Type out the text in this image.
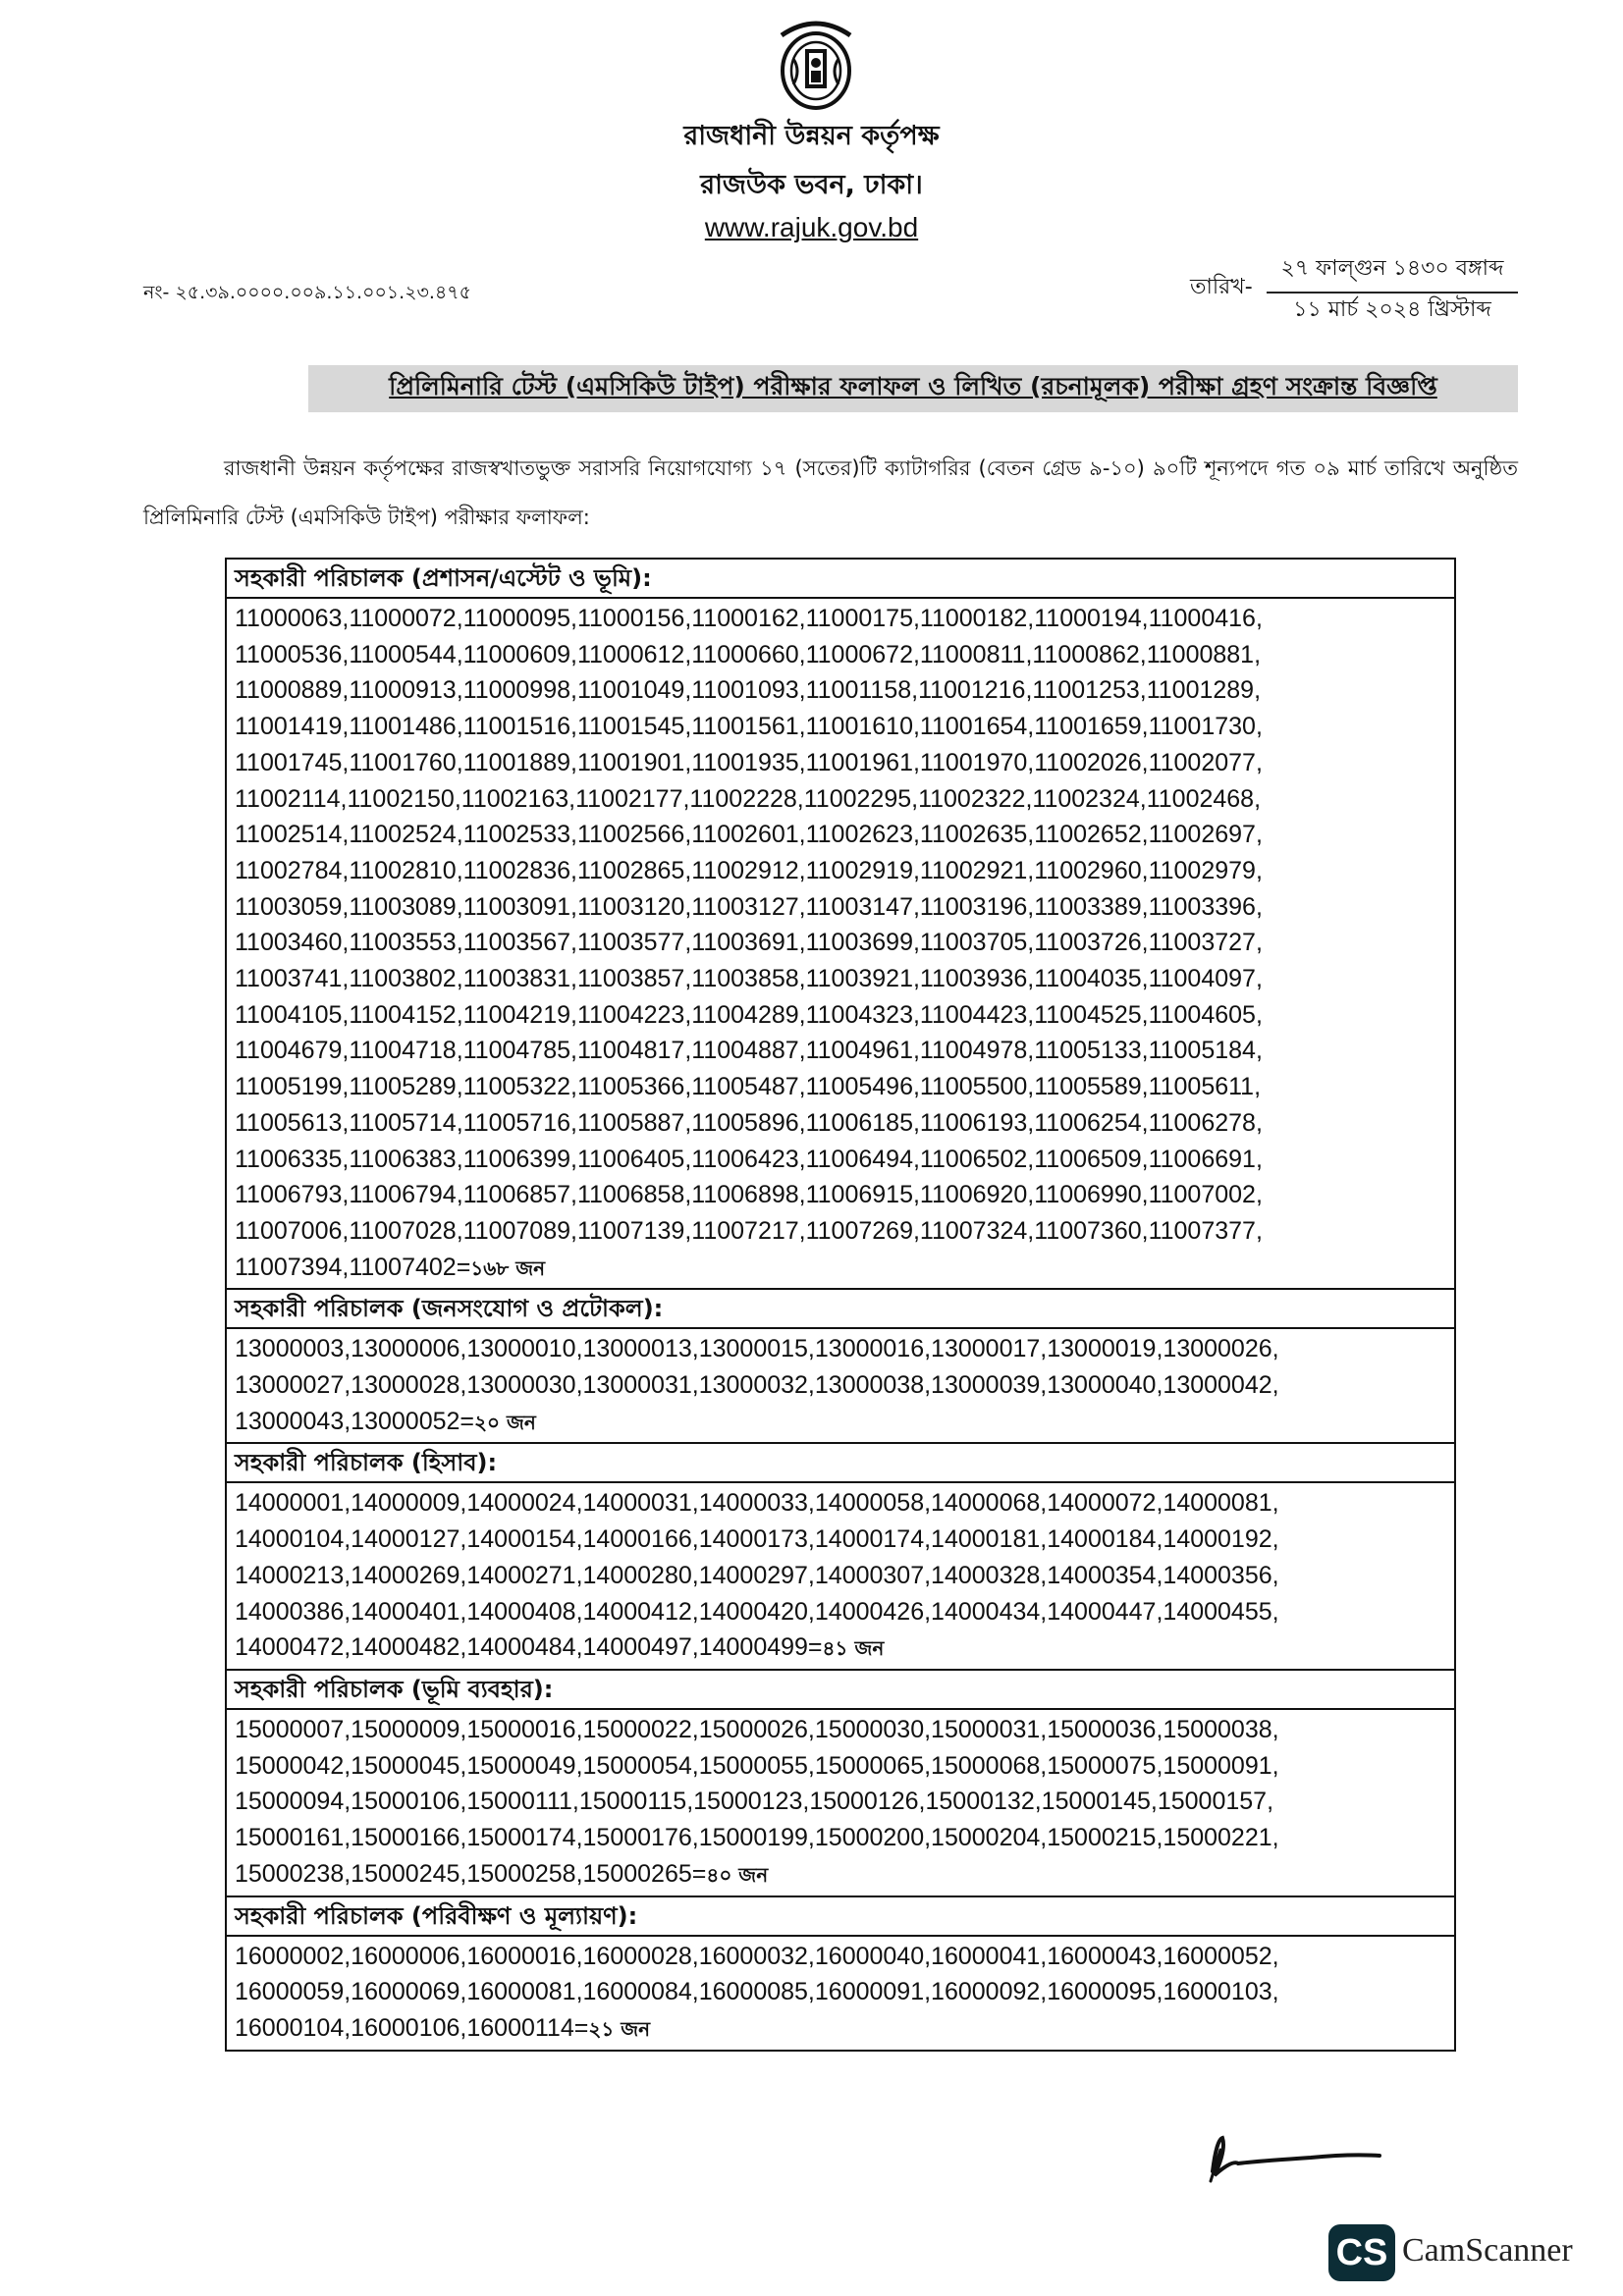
রাজধানী উন্নয়ন কর্তৃপক্ষ
রাজউক ভবন, ঢাকা।
www.rajuk.gov.bd
নং- ২৫.৩৯.০০০০.০০৯.১১.০০১.২৩.৪৭৫	তারিখ-
২৭ ফাল্গুন ১৪৩০ বঙ্গাব্দ
১১ মার্চ ২০২৪ খ্রিস্টাব্দ
প্রিলিমিনারি টেস্ট (এমসিকিউ টাইপ) পরীক্ষার ফলাফল ও লিখিত (রচনামূলক) পরীক্ষা গ্রহণ সংক্রান্ত বিজ্ঞপ্তি
রাজধানী উন্নয়ন কর্তৃপক্ষের রাজস্বখাতভুক্ত সরাসরি নিয়োগযোগ্য ১৭ (সতের)টি ক্যাটাগরির (বেতন গ্রেড ৯-১০) ৯০টি শূন্যপদে গত ০৯ মার্চ তারিখে অনুষ্ঠিত প্রিলিমিনারি টেস্ট (এমসিকিউ টাইপ) পরীক্ষার ফলাফল:
সহকারী পরিচালক (প্রশাসন/এস্টেট ও ভূমি):
11000063,11000072,11000095,11000156,11000162,11000175,11000182,11000194,11000416,
11000536,11000544,11000609,11000612,11000660,11000672,11000811,11000862,11000881,
11000889,11000913,11000998,11001049,11001093,11001158,11001216,11001253,11001289,
11001419,11001486,11001516,11001545,11001561,11001610,11001654,11001659,11001730,
11001745,11001760,11001889,11001901,11001935,11001961,11001970,11002026,11002077,
11002114,11002150,11002163,11002177,11002228,11002295,11002322,11002324,11002468,
11002514,11002524,11002533,11002566,11002601,11002623,11002635,11002652,11002697,
11002784,11002810,11002836,11002865,11002912,11002919,11002921,11002960,11002979,
11003059,11003089,11003091,11003120,11003127,11003147,11003196,11003389,11003396,
11003460,11003553,11003567,11003577,11003691,11003699,11003705,11003726,11003727,
11003741,11003802,11003831,11003857,11003858,11003921,11003936,11004035,11004097,
11004105,11004152,11004219,11004223,11004289,11004323,11004423,11004525,11004605,
11004679,11004718,11004785,11004817,11004887,11004961,11004978,11005133,11005184,
11005199,11005289,11005322,11005366,11005487,11005496,11005500,11005589,11005611,
11005613,11005714,11005716,11005887,11005896,11006185,11006193,11006254,11006278,
11006335,11006383,11006399,11006405,11006423,11006494,11006502,11006509,11006691,
11006793,11006794,11006857,11006858,11006898,11006915,11006920,11006990,11007002,
11007006,11007028,11007089,11007139,11007217,11007269,11007324,11007360,11007377,
11007394,11007402=১৬৮ জন
সহকারী পরিচালক (জনসংযোগ ও প্রটোকল):
13000003,13000006,13000010,13000013,13000015,13000016,13000017,13000019,13000026,
13000027,13000028,13000030,13000031,13000032,13000038,13000039,13000040,13000042,
13000043,13000052=২০ জন
সহকারী পরিচালক (হিসাব):
14000001,14000009,14000024,14000031,14000033,14000058,14000068,14000072,14000081,
14000104,14000127,14000154,14000166,14000173,14000174,14000181,14000184,14000192,
14000213,14000269,14000271,14000280,14000297,14000307,14000328,14000354,14000356,
14000386,14000401,14000408,14000412,14000420,14000426,14000434,14000447,14000455,
14000472,14000482,14000484,14000497,14000499=৪১ জন
সহকারী পরিচালক (ভূমি ব্যবহার):
15000007,15000009,15000016,15000022,15000026,15000030,15000031,15000036,15000038,
15000042,15000045,15000049,15000054,15000055,15000065,15000068,15000075,15000091,
15000094,15000106,15000111,15000115,15000123,15000126,15000132,15000145,15000157,
15000161,15000166,15000174,15000176,15000199,15000200,15000204,15000215,15000221,
15000238,15000245,15000258,15000265=৪০ জন
সহকারী পরিচালক (পরিবীক্ষণ ও মূল্যায়ণ):
16000002,16000006,16000016,16000028,16000032,16000040,16000041,16000043,16000052,
16000059,16000069,16000081,16000084,16000085,16000091,16000092,16000095,16000103,
16000104,16000106,16000114=২১ জন
CS CamScanner
